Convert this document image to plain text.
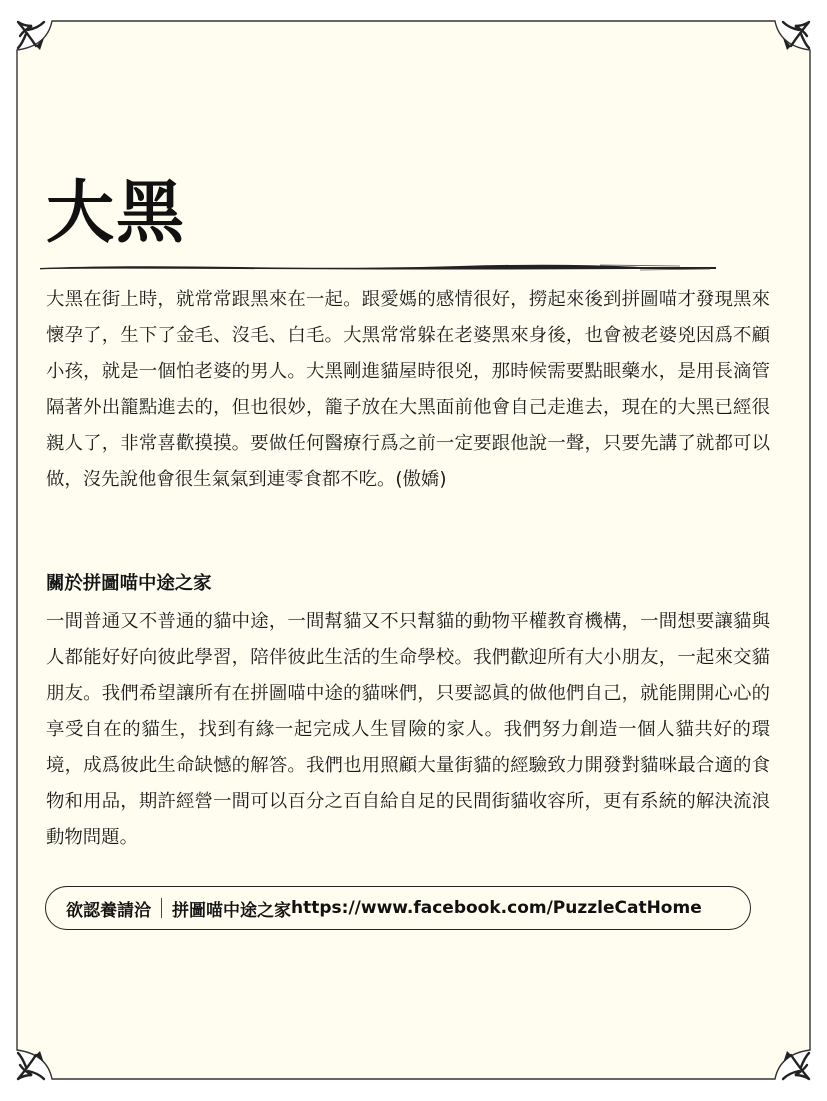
大黑

大黑在街上時，就常常跟黑來在一起。跟愛媽的感情很好，撈起來後到拼圖喵才發現黑來懷孕了，生下了金毛、沒毛、白毛。大黑常常躲在老婆黑來身後，也會被老婆兇因爲不顧小孩，就是一個怕老婆的男人。大黑剛進貓屋時很兇，那時候需要點眼藥水，是用長滴管隔著外出籠點進去的，但也很妙，籠子放在大黑面前他會自己走進去，現在的大黑已經很親人了，非常喜歡摸摸。要做任何醫療行爲之前一定要跟他說一聲，只要先講了就都可以做，沒先說他會很生氣氣到連零食都不吃。(傲嬌)

關於拼圖喵中途之家

一間普通又不普通的貓中途，一間幫貓又不只幫貓的動物平權教育機構，一間想要讓貓與人都能好好向彼此學習，陪伴彼此生活的生命學校。我們歡迎所有大小朋友，一起來交貓朋友。我們希望讓所有在拼圖喵中途的貓咪們，只要認眞的做他們自己，就能開開心心的享受自在的貓生，找到有緣一起完成人生冒險的家人。我們努力創造一個人貓共好的環境，成爲彼此生命缺憾的解答。我們也用照顧大量街貓的經驗致力開發對貓咪最合適的食物和用品，期許經營一間可以百分之百自給自足的民間街貓收容所，更有系統的解決流浪動物問題。

欲認養請洽 拼圖喵中途之家 https://www.facebook.com/PuzzleCatHome
